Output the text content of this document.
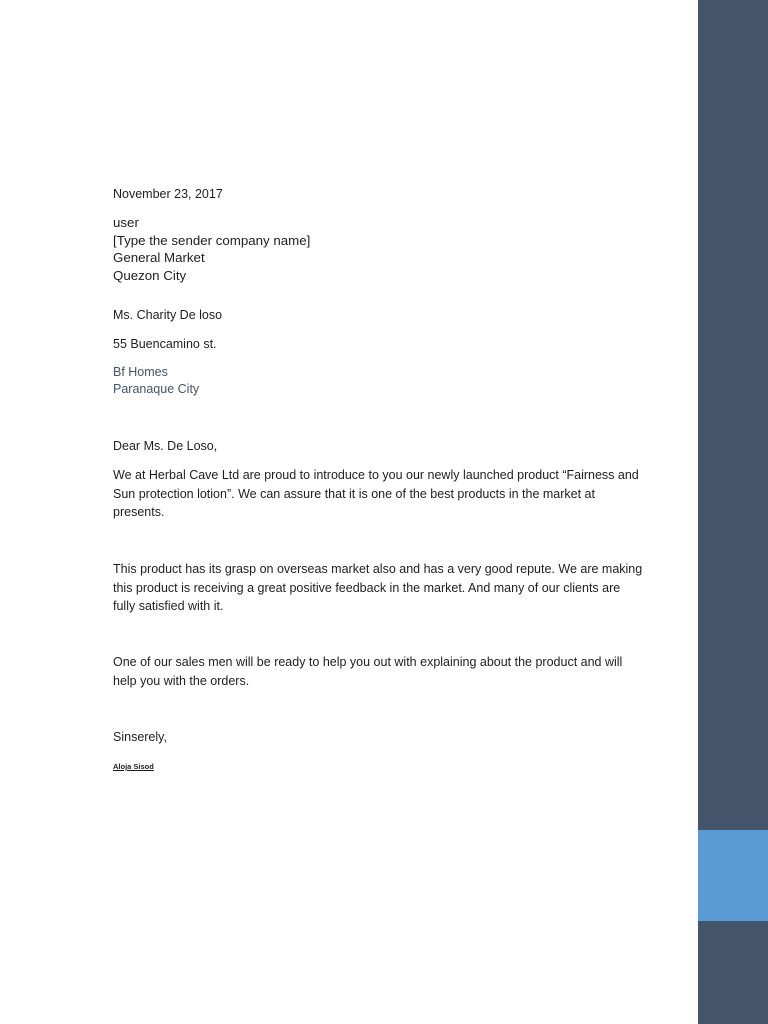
November 23, 2017
user
[Type the sender company name]
General Market
Quezon City
Ms. Charity De loso
55 Buencamino st.
Bf Homes
Paranaque City
Dear Ms. De Loso,
We at Herbal Cave Ltd are proud to introduce to you our newly launched product “Fairness and
Sun protection lotion”. We can assure that it is one of the best products in the market at
presents.
This product has its grasp on overseas market also and has a very good repute. We are making
this product is receiving a great positive feedback in the market. And many of our clients are
fully satisfied with it.
One of our sales men will be ready to help you out with explaining about the product and will
help you with the orders.
Sinserely,
Aloja Sisod
